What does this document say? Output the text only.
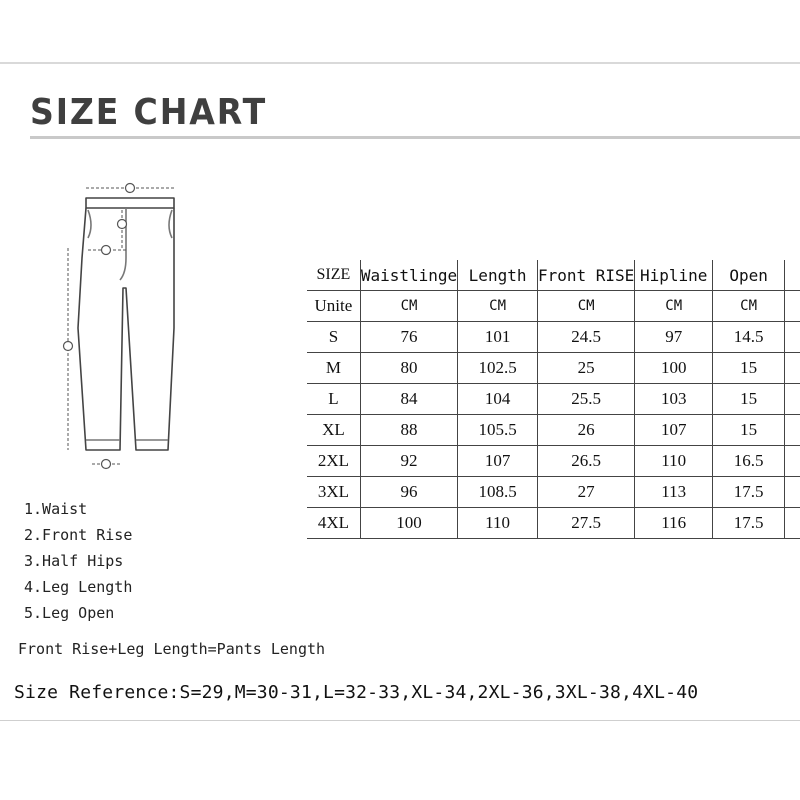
SIZE CHART
SIZE	Waistlinge	Length	Front RISE	Hipline	Open	
Unite	CM	CM	CM	CM	CM	
S	76	101	24.5	97	14.5	
M	80	102.5	25	100	15	
L	84	104	25.5	103	15	
XL	88	105.5	26	107	15	
2XL	92	107	26.5	110	16.5	
3XL	96	108.5	27	113	17.5	
4XL	100	110	27.5	116	17.5	
1.Waist
2.Front Rise
3.Half Hips
4.Leg Length
5.Leg Open
Front Rise+Leg Length=Pants Length
Size Reference:S=29,M=30-31,L=32-33,XL-34,2XL-36,3XL-38,4XL-40
